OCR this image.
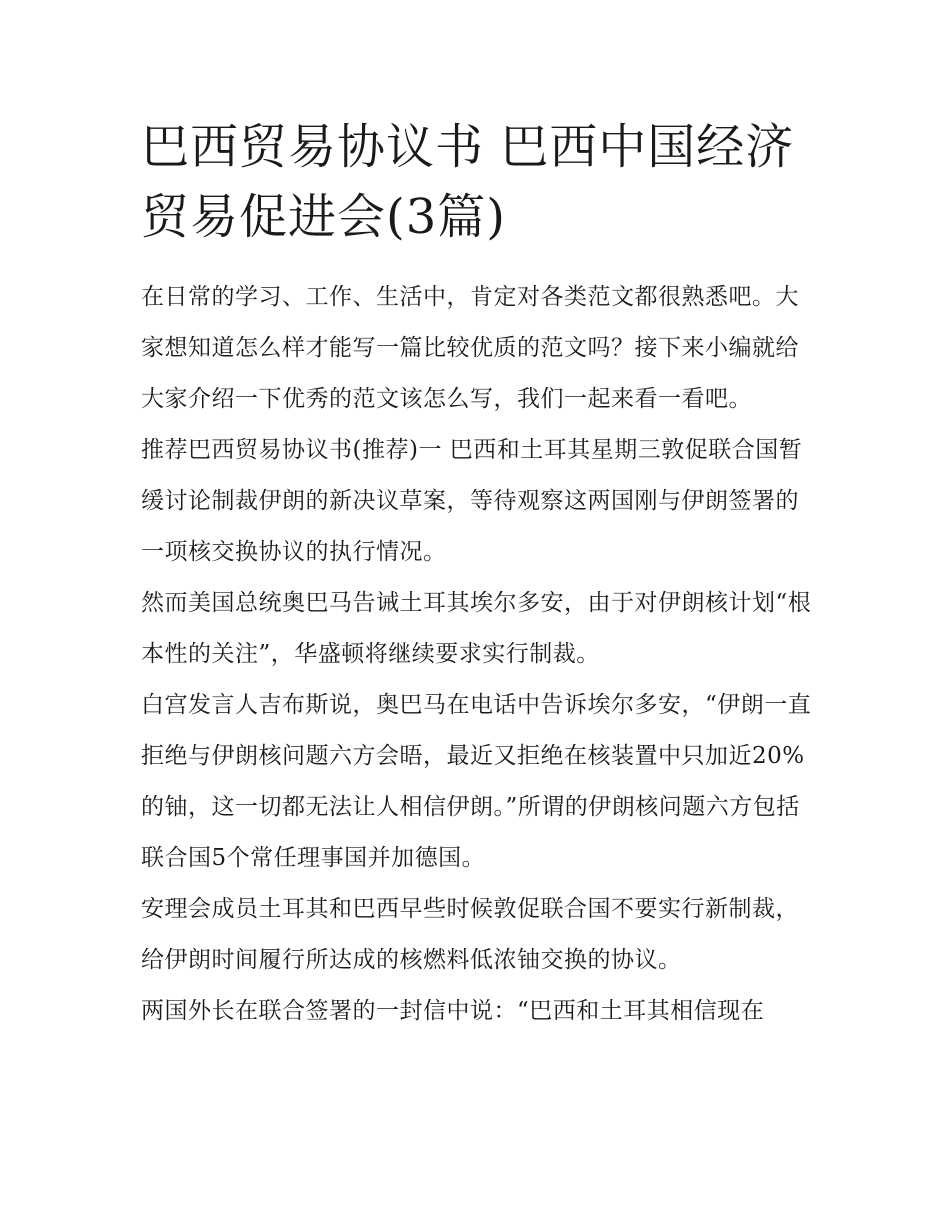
巴西贸易协议书 巴西中国经济贸易促进会(3篇)

在日常的学习、工作、生活中，肯定对各类范文都很熟悉吧。大家想知道怎么样才能写一篇比较优质的范文吗？接下来小编就给大家介绍一下优秀的范文该怎么写，我们一起来看一看吧。

推荐巴西贸易协议书(推荐)一 巴西和土耳其星期三敦促联合国暂缓讨论制裁伊朗的新决议草案，等待观察这两国刚与伊朗签署的一项核交换协议的执行情况。

然而美国总统奥巴马告诫土耳其埃尔多安，由于对伊朗核计划“根本性的关注”，华盛顿将继续要求实行制裁。

白宫发言人吉布斯说，奥巴马在电话中告诉埃尔多安，“伊朗一直拒绝与伊朗核问题六方会晤，最近又拒绝在核装置中只加近20%的铀，这一切都无法让人相信伊朗。”所谓的伊朗核问题六方包括联合国5个常任理事国并加德国。

安理会成员土耳其和巴西早些时候敦促联合国不要实行新制裁，给伊朗时间履行所达成的核燃料低浓铀交换的协议。

两国外长在联合签署的一封信中说：“巴西和土耳其相信现在
